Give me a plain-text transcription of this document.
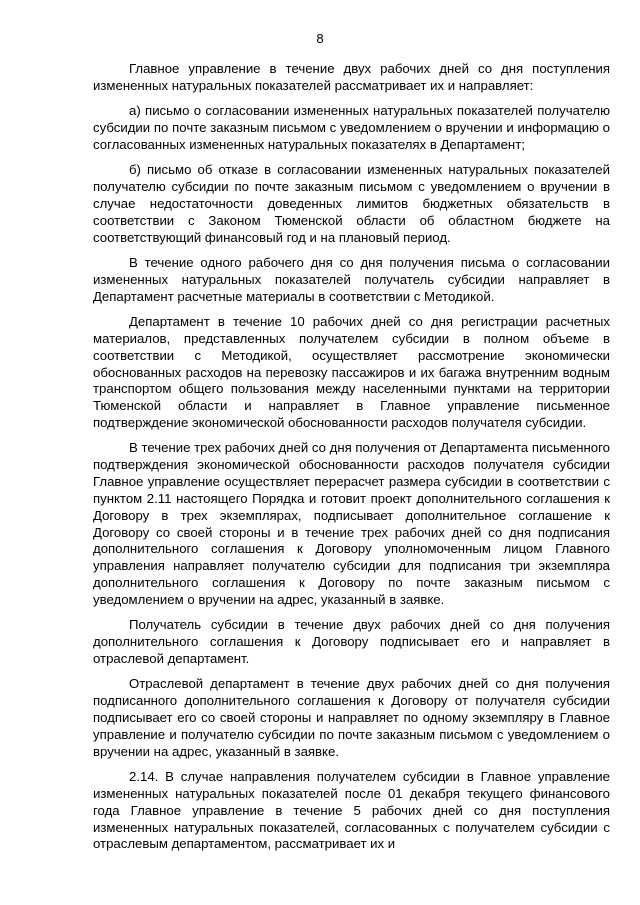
8

Главное управление в течение двух рабочих дней со дня поступления измененных натуральных показателей рассматривает их и направляет:

а) письмо о согласовании измененных натуральных показателей получателю субсидии по почте заказным письмом с уведомлением о вручении и информацию о согласованных измененных натуральных показателях в Департамент;

б) письмо об отказе в согласовании измененных натуральных показателей получателю субсидии по почте заказным письмом с уведомлением о вручении в случае недостаточности доведенных лимитов бюджетных обязательств в соответствии с Законом Тюменской области об областном бюджете на соответствующий финансовый год и на плановый период.

В течение одного рабочего дня со дня получения письма о согласовании измененных натуральных показателей получатель субсидии направляет в Департамент расчетные материалы в соответствии с Методикой.

Департамент в течение 10 рабочих дней со дня регистрации расчетных материалов, представленных получателем субсидии в полном объеме в соответствии с Методикой, осуществляет рассмотрение экономически обоснованных расходов на перевозку пассажиров и их багажа внутренним водным транспортом общего пользования между населенными пунктами на территории Тюменской области и направляет в Главное управление письменное подтверждение экономической обоснованности расходов получателя субсидии.

В течение трех рабочих дней со дня получения от Департамента письменного подтверждения экономической обоснованности расходов получателя субсидии Главное управление осуществляет перерасчет размера субсидии в соответствии с пунктом 2.11 настоящего Порядка и готовит проект дополнительного соглашения к Договору в трех экземплярах, подписывает дополнительное соглашение к Договору со своей стороны и в течение трех рабочих дней со дня подписания дополнительного соглашения к Договору уполномоченным лицом Главного управления направляет получателю субсидии для подписания три экземпляра дополнительного соглашения к Договору по почте заказным письмом с уведомлением о вручении на адрес, указанный в заявке.

Получатель субсидии в течение двух рабочих дней со дня получения дополнительного соглашения к Договору подписывает его и направляет в отраслевой департамент.

Отраслевой департамент в течение двух рабочих дней со дня получения подписанного дополнительного соглашения к Договору от получателя субсидии подписывает его со своей стороны и направляет по одному экземпляру в Главное управление и получателю субсидии по почте заказным письмом с уведомлением о вручении на адрес, указанный в заявке.

2.14. В случае направления получателем субсидии в Главное управление измененных натуральных показателей после 01 декабря текущего финансового года Главное управление в течение 5 рабочих дней со дня поступления измененных натуральных показателей, согласованных с получателем субсидии с отраслевым департаментом, рассматривает их и
